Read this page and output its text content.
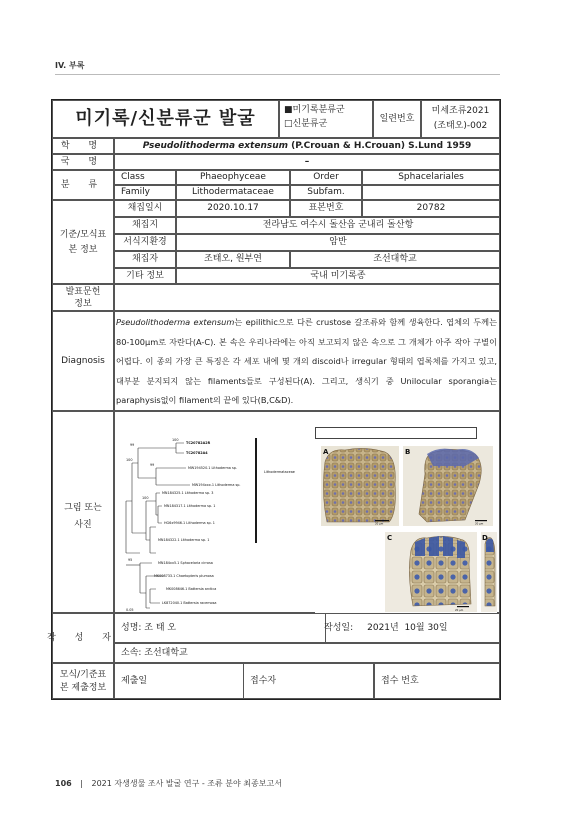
IV. 부록
미기록/신분류군 발굴	■미기록분류군
□신분류군	일련번호
미세조류2021
(조태오)-002
학 명	Pseudolithoderma extensum (P.Crouan & H.Crouan) S.Lund 1959
국 명	–
분 류
Class	Phaeophyceae	Order	Sphacelariales
Family	Lithodermataceae	Subfam.
기준/모식표
본 정보
채집일시	2020.10.17	표본번호	20782
채집지	전라남도 여수시 돌산읍 군내리 돌산항
서식지환경	암반
채집자	조태오, 원부연	조선대학교
기타 정보	국내 미기록종
발표문헌
정보
Diagnosis
Pseudolithoderma extensum는 epilithic으로 다른 crustose 갈조류와 함께 생육한다. 엽체의 두께는 80-100μm로 자란다(A-C). 본 속은 우리나라에는 아직 보고되지 않은 속으로 그 개체가 아주 작아 구별이 어렵다. 이 종의 가장 큰 특징은 각 세포 내에 몇 개의 discoid나 irregular 형태의 엽록체를 가지고 있고, 대부분 분지되지 않는 filaments들로 구성된다(A). 그리고, 생식기 중 Unilocular sporangia는 paraphysis없이 filament의 끝에 있다(B,C&D).
그림 또는
사진
TC20782A2R
TC20782A4
MW194520.1 Lithoderma sp.
MW194xxx.1 Lithoderma sp.
MN184325.1 Lithoderma sp. 3
MN184317.1 Lithoderma sp. 1
HG6x9946.1 Lithoderma sp. 1
MN184322.1 Lithoderma sp. 1
MN184xx5.1 Sphacelaria cirrosa
MK008733.1 Chaetopteris plumosa
MK008646.1 Battersia arctica
LK872040.1 Battersia racemosa
100
99
99
100
100
95
Lithodermataceae
0.05
A
20 μm
B
20 μm
C
20 μm
D
작 성 자
성명: 조 태 오	작성일: 2021년  10월 30일
소속: 조선대학교
모식/기준표
본 제출정보
제출일	접수자	접수 번호
106 | 2021 자생생물 조사 발굴 연구 - 조류 분야 최종보고서
